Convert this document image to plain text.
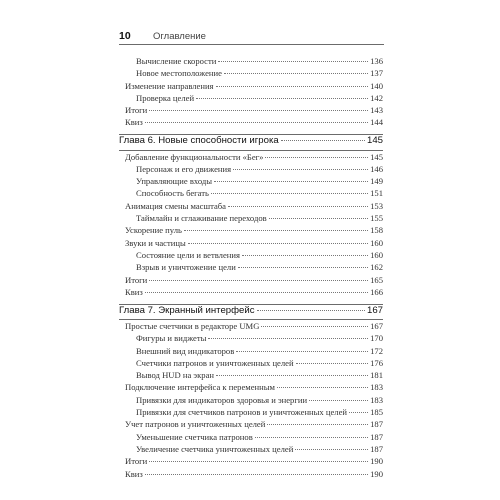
10 Оглавление
Вычисление скорости	136
Новое местоположение	137
Изменение направления	140
Проверка целей	142
Итоги	143
Квиз	144
Глава 6. Новые способности игрока	145
Добавление функциональности «Бег»	145
Персонаж и его движения	146
Управляющие входы	149
Способность бегать	151
Анимация смены масштаба	153
Таймлайн и сглаживание переходов	155
Ускорение пуль	158
Звуки и частицы	160
Состояние цели и ветвления	160
Взрыв и уничтожение цели	162
Итоги	165
Квиз	166
Глава 7. Экранный интерфейс	167
Простые счетчики в редакторе UMG	167
Фигуры и виджеты	170
Внешний вид индикаторов	172
Счетчики патронов и уничтоженных целей	176
Вывод HUD на экран	181
Подключение интерфейса к переменным	183
Привязки для индикаторов здоровья и энергии	183
Привязки для счетчиков патронов и уничтоженных целей	185
Учет патронов и уничтоженных целей	187
Уменьшение счетчика патронов	187
Увеличение счетчика уничтоженных целей	187
Итоги	190
Квиз	190
